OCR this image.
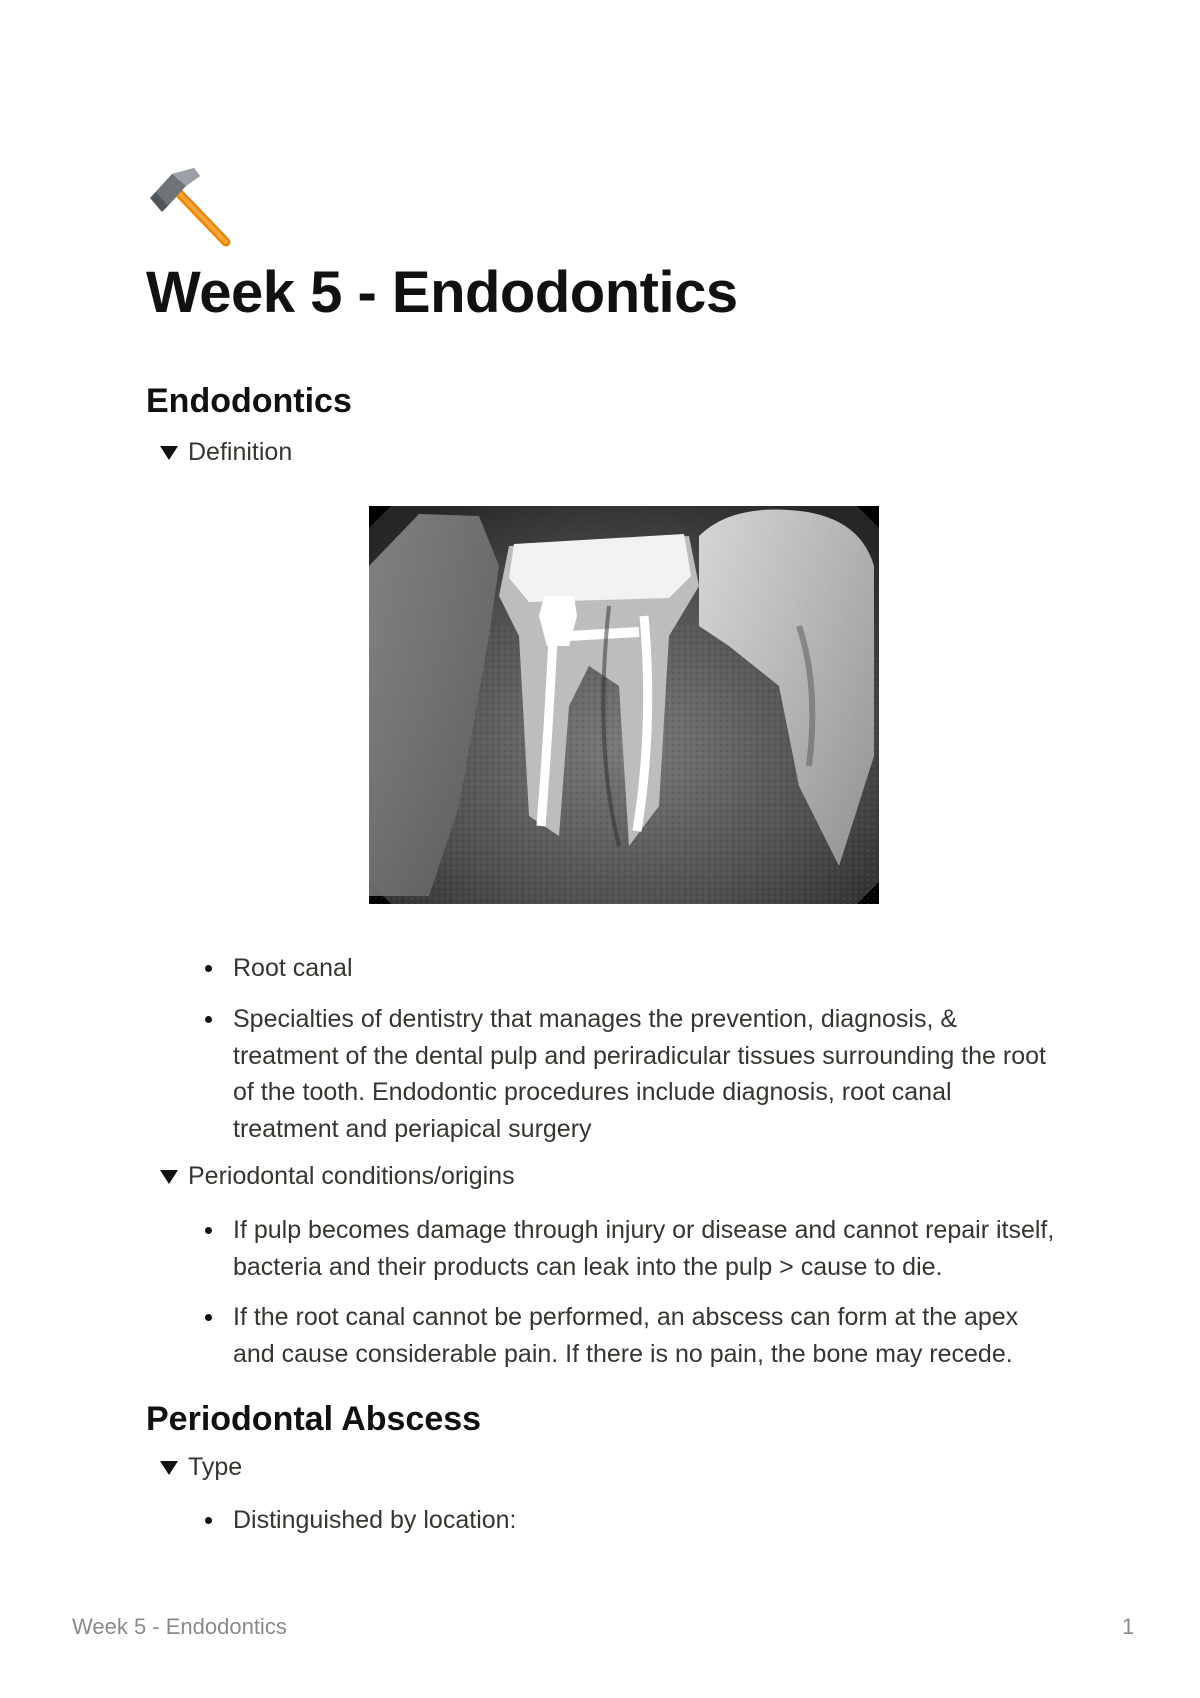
Week 5 - Endodontics
Endodontics
Definition
Root canal
Specialties of dentistry that manages the prevention, diagnosis, & treatment of the dental pulp and periradicular tissues surrounding the root of the tooth. Endodontic procedures include diagnosis, root canal treatment and periapical surgery
Periodontal conditions/origins
If pulp becomes damage through injury or disease and cannot repair itself, bacteria and their products can leak into the pulp > cause to die.
If the root canal cannot be performed, an abscess can form at the apex and cause considerable pain. If there is no pain, the bone may recede.
Periodontal Abscess
Type
Distinguished by location:
Week 5 - Endodontics	1
